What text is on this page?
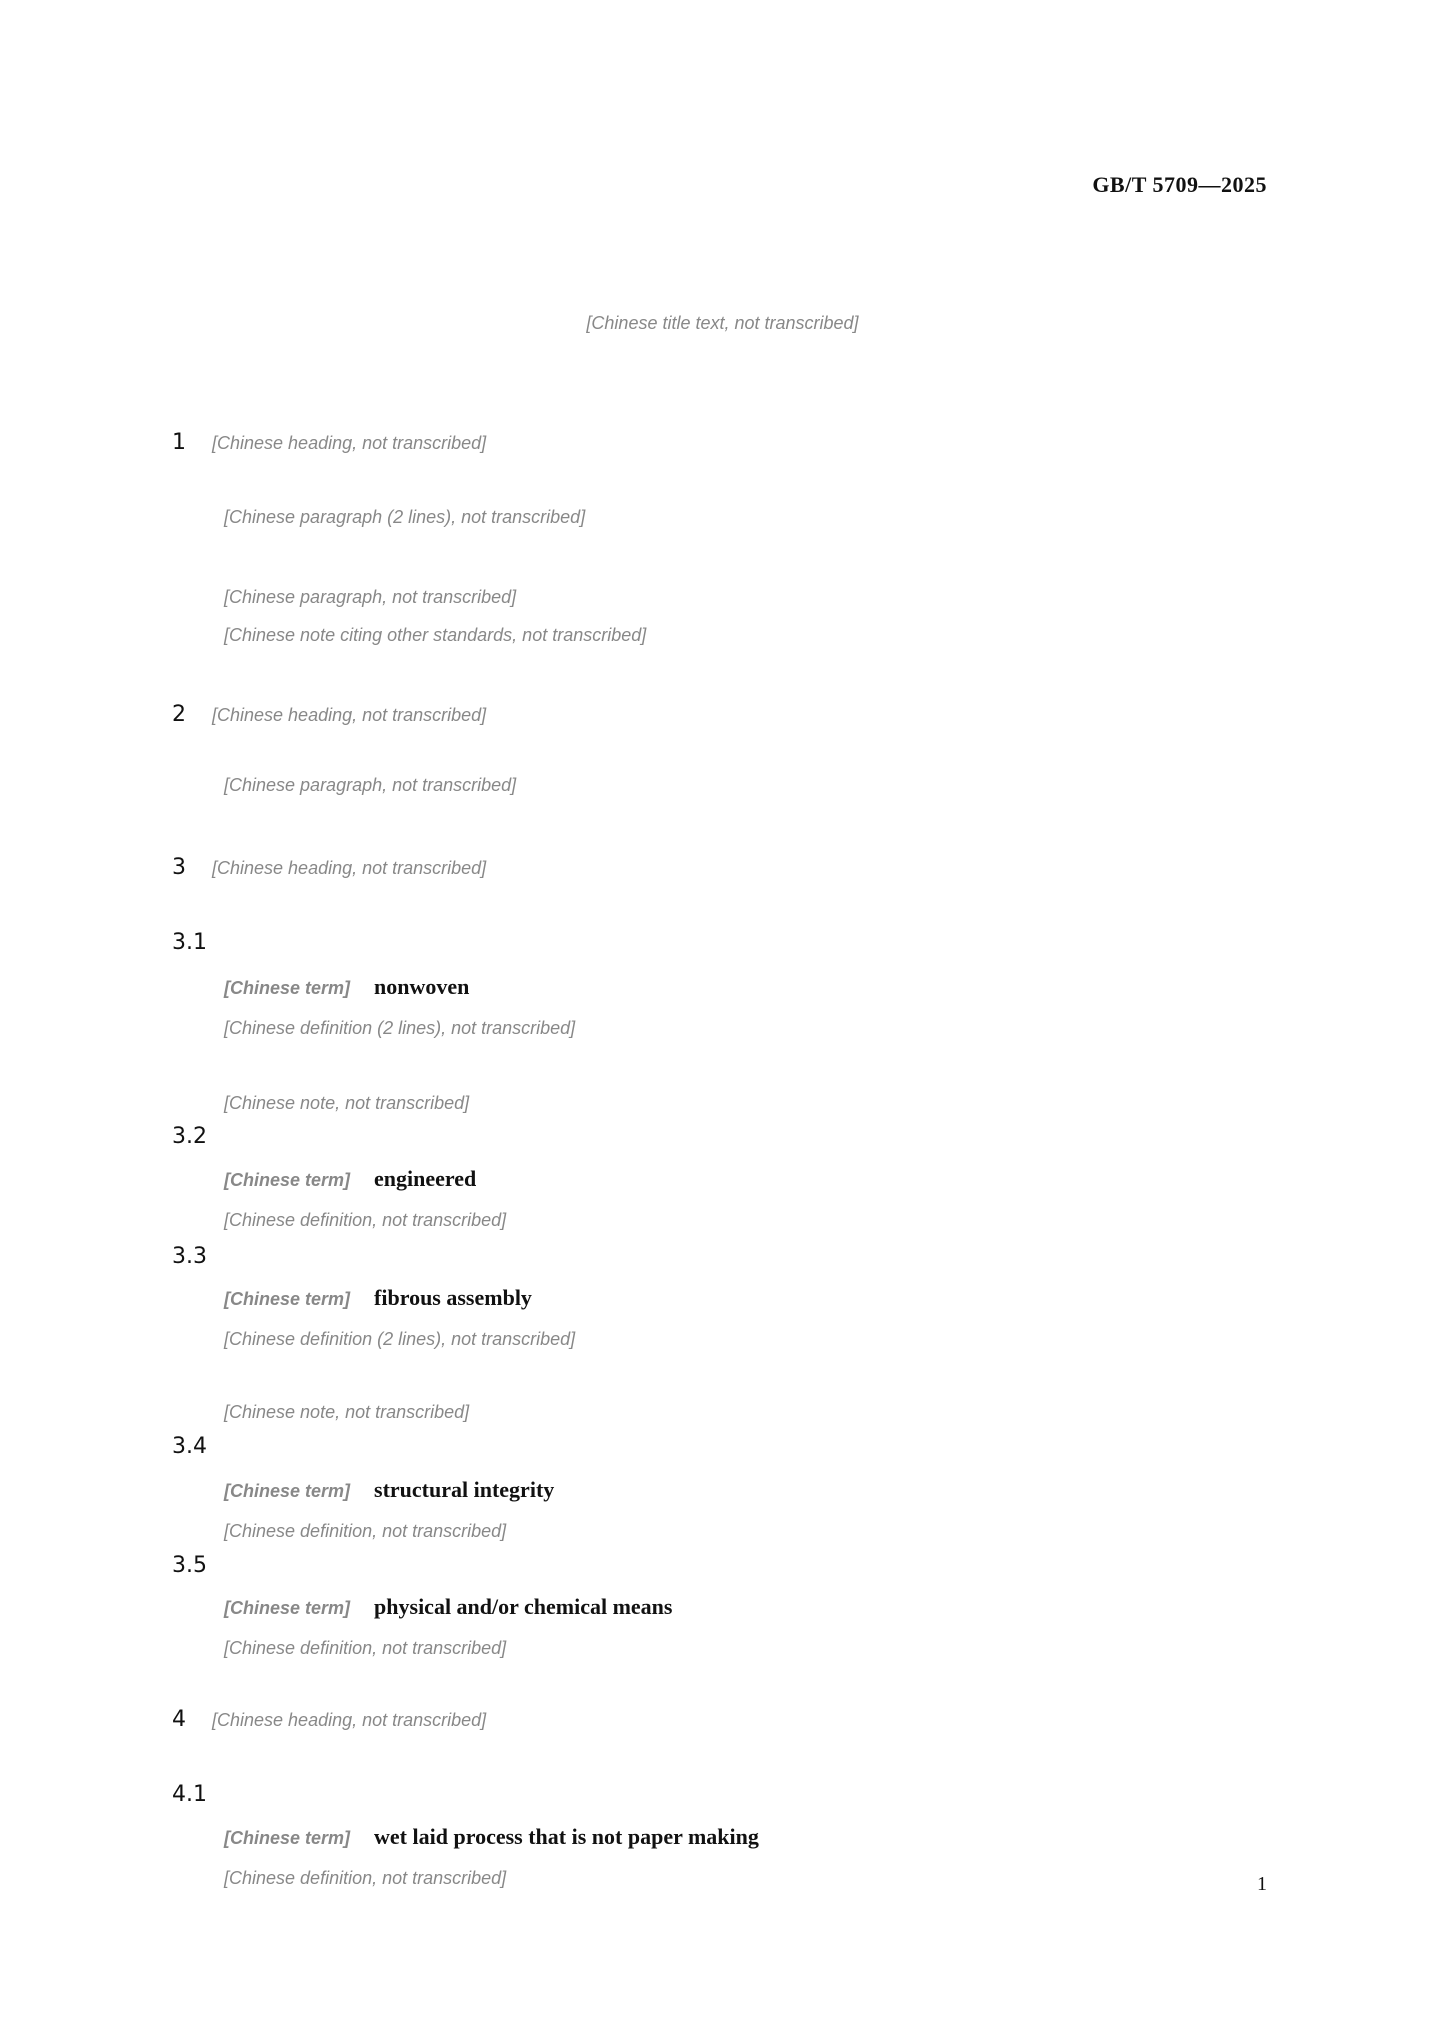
GB/T 5709—2025
[Chinese title text, not transcribed]
1 [Chinese heading, not transcribed]
[Chinese paragraph (2 lines), not transcribed]
[Chinese paragraph, not transcribed]
[Chinese note citing other standards, not transcribed]
2 [Chinese heading, not transcribed]
[Chinese paragraph, not transcribed]
3 [Chinese heading, not transcribed]
3.1
[Chinese term] nonwoven
[Chinese definition (2 lines), not transcribed]
[Chinese note, not transcribed]
3.2
[Chinese term] engineered
[Chinese definition, not transcribed]
3.3
[Chinese term] fibrous assembly
[Chinese definition (2 lines), not transcribed]
[Chinese note, not transcribed]
3.4
[Chinese term] structural integrity
[Chinese definition, not transcribed]
3.5
[Chinese term] physical and/or chemical means
[Chinese definition, not transcribed]
4 [Chinese heading, not transcribed]
4.1
[Chinese term] wet laid process that is not paper making
[Chinese definition, not transcribed]	1
